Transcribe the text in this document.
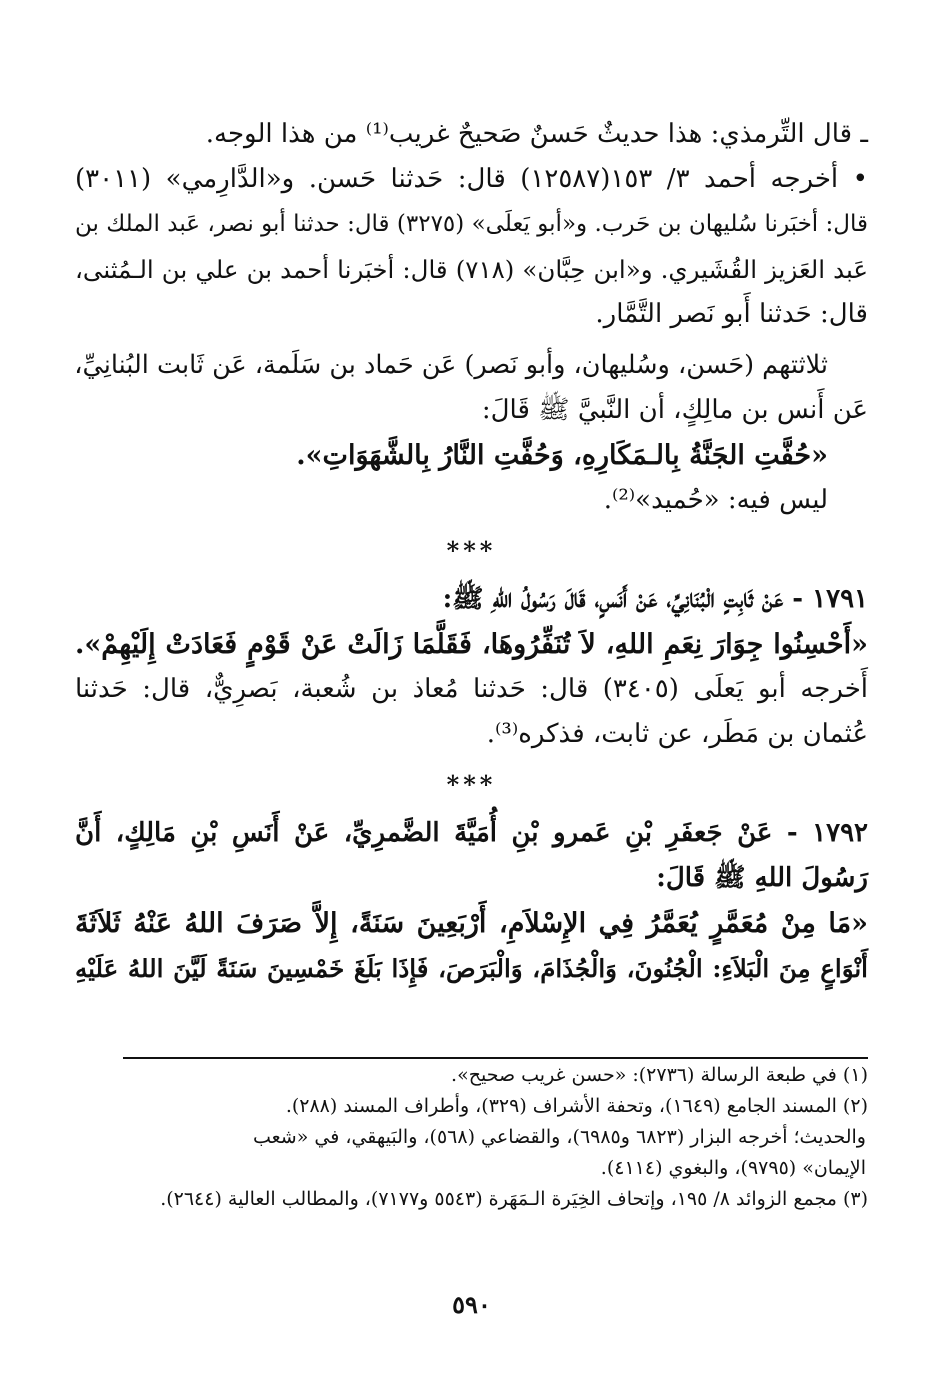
ـ قال التِّرمذي: هذا حديثٌ حَسنٌ صَحيحٌ غريب⁽¹⁾ من هذا الوجه.
• أخرجه أحمد ٣/ ١٥٣(١٢٥٨٧) قال: حَدثنا حَسن. و«الدَّارِمي» (٣٠١١)
قال: أخبَرنا سُليهان بن حَرب. و«أبو يَعلَى» (٣٢٧٥) قال: حدثنا أبو نصر، عَبد الملك بن
عَبد العَزيز القُشَيري. و«ابن حِبَّان» (٧١٨) قال: أخبَرنا أحمد بن علي بن الـمُثنى،
قال: حَدثنا أَبو نَصر التَّمَّار.
ثلاثتهم (حَسن، وسُليهان، وأبو نَصر) عَن حَماد بن سَلَمة، عَن ثَابت البُنانِيِّ،
عَن أَنس بن مالِكٍ، أن النَّبيَّ ﷺ قَالَ:
«حُفَّتِ الجَنَّةُ بِالـمَكَارِهِ، وَحُفَّتِ النَّارُ بِالشَّهَوَاتِ».
ليس فيه: «حُميد»⁽²⁾.
***
١٧٩١ - عَنْ ثَابِتٍ الْبُنَانِيِّ، عَنْ أَنَسٍ، قَالَ رَسُولُ اللهِ ﷺ:
«أَحْسِنُوا جِوَارَ نِعَمِ اللهِ، لاَ تُنَفِّرُوهَا، فَقَلَّمَا زَالَتْ عَنْ قَوْمٍ فَعَادَتْ إِلَيْهِمْ».
أَخرجه أبو يَعلَى (٣٤٠٥) قال: حَدثنا مُعاذ بن شُعبة، بَصرِيٌّ، قال: حَدثنا
عُثمان بن مَطَر، عن ثابت، فذكره⁽³⁾.
***
١٧٩٢ - عَنْ جَعفَرِ بْنِ عَمرو بْنِ أُمَيَّةَ الضَّمرِيِّ، عَنْ أَنَسِ بْنِ مَالِكٍ، أَنَّ
رَسُولَ اللهِ ﷺ قَالَ:
«مَا مِنْ مُعَمَّرٍ يُعَمَّرُ فِي الإِسْلاَمِ، أَرْبَعِينَ سَنَةً، إِلاَّ صَرَفَ اللهُ عَنْهُ ثَلاَثَةَ
أَنْوَاعٍ مِنَ الْبَلاَءِ: الْجُنُونَ، وَالْجُذَامَ، وَالْبَرَصَ، فَإِذَا بَلَغَ خَمْسِينَ سَنَةً لَيَّنَ اللهُ عَلَيْهِ
(١) في طبعة الرسالة (٢٧٣٦): «حسن غريب صحيح».
(٢) المسند الجامع (١٦٤٩)، وتحفة الأشراف (٣٢٩)، وأطراف المسند (٢٨٨).
والحديث؛ أخرجه البزار (٦٨٢٣ و٦٩٨٥)، والقضاعي (٥٦٨)، والبَيهقي، في «شعب
الإيمان» (٩٧٩٥)، والبغوي (٤١١٤).
(٣) مجمع الزوائد ٨/ ١٩٥، وإتحاف الخِيَرة الـمَهَرة (٥٥٤٣ و٧١٧٧)، والمطالب العالية (٢٦٤٤).
٥٩٠
